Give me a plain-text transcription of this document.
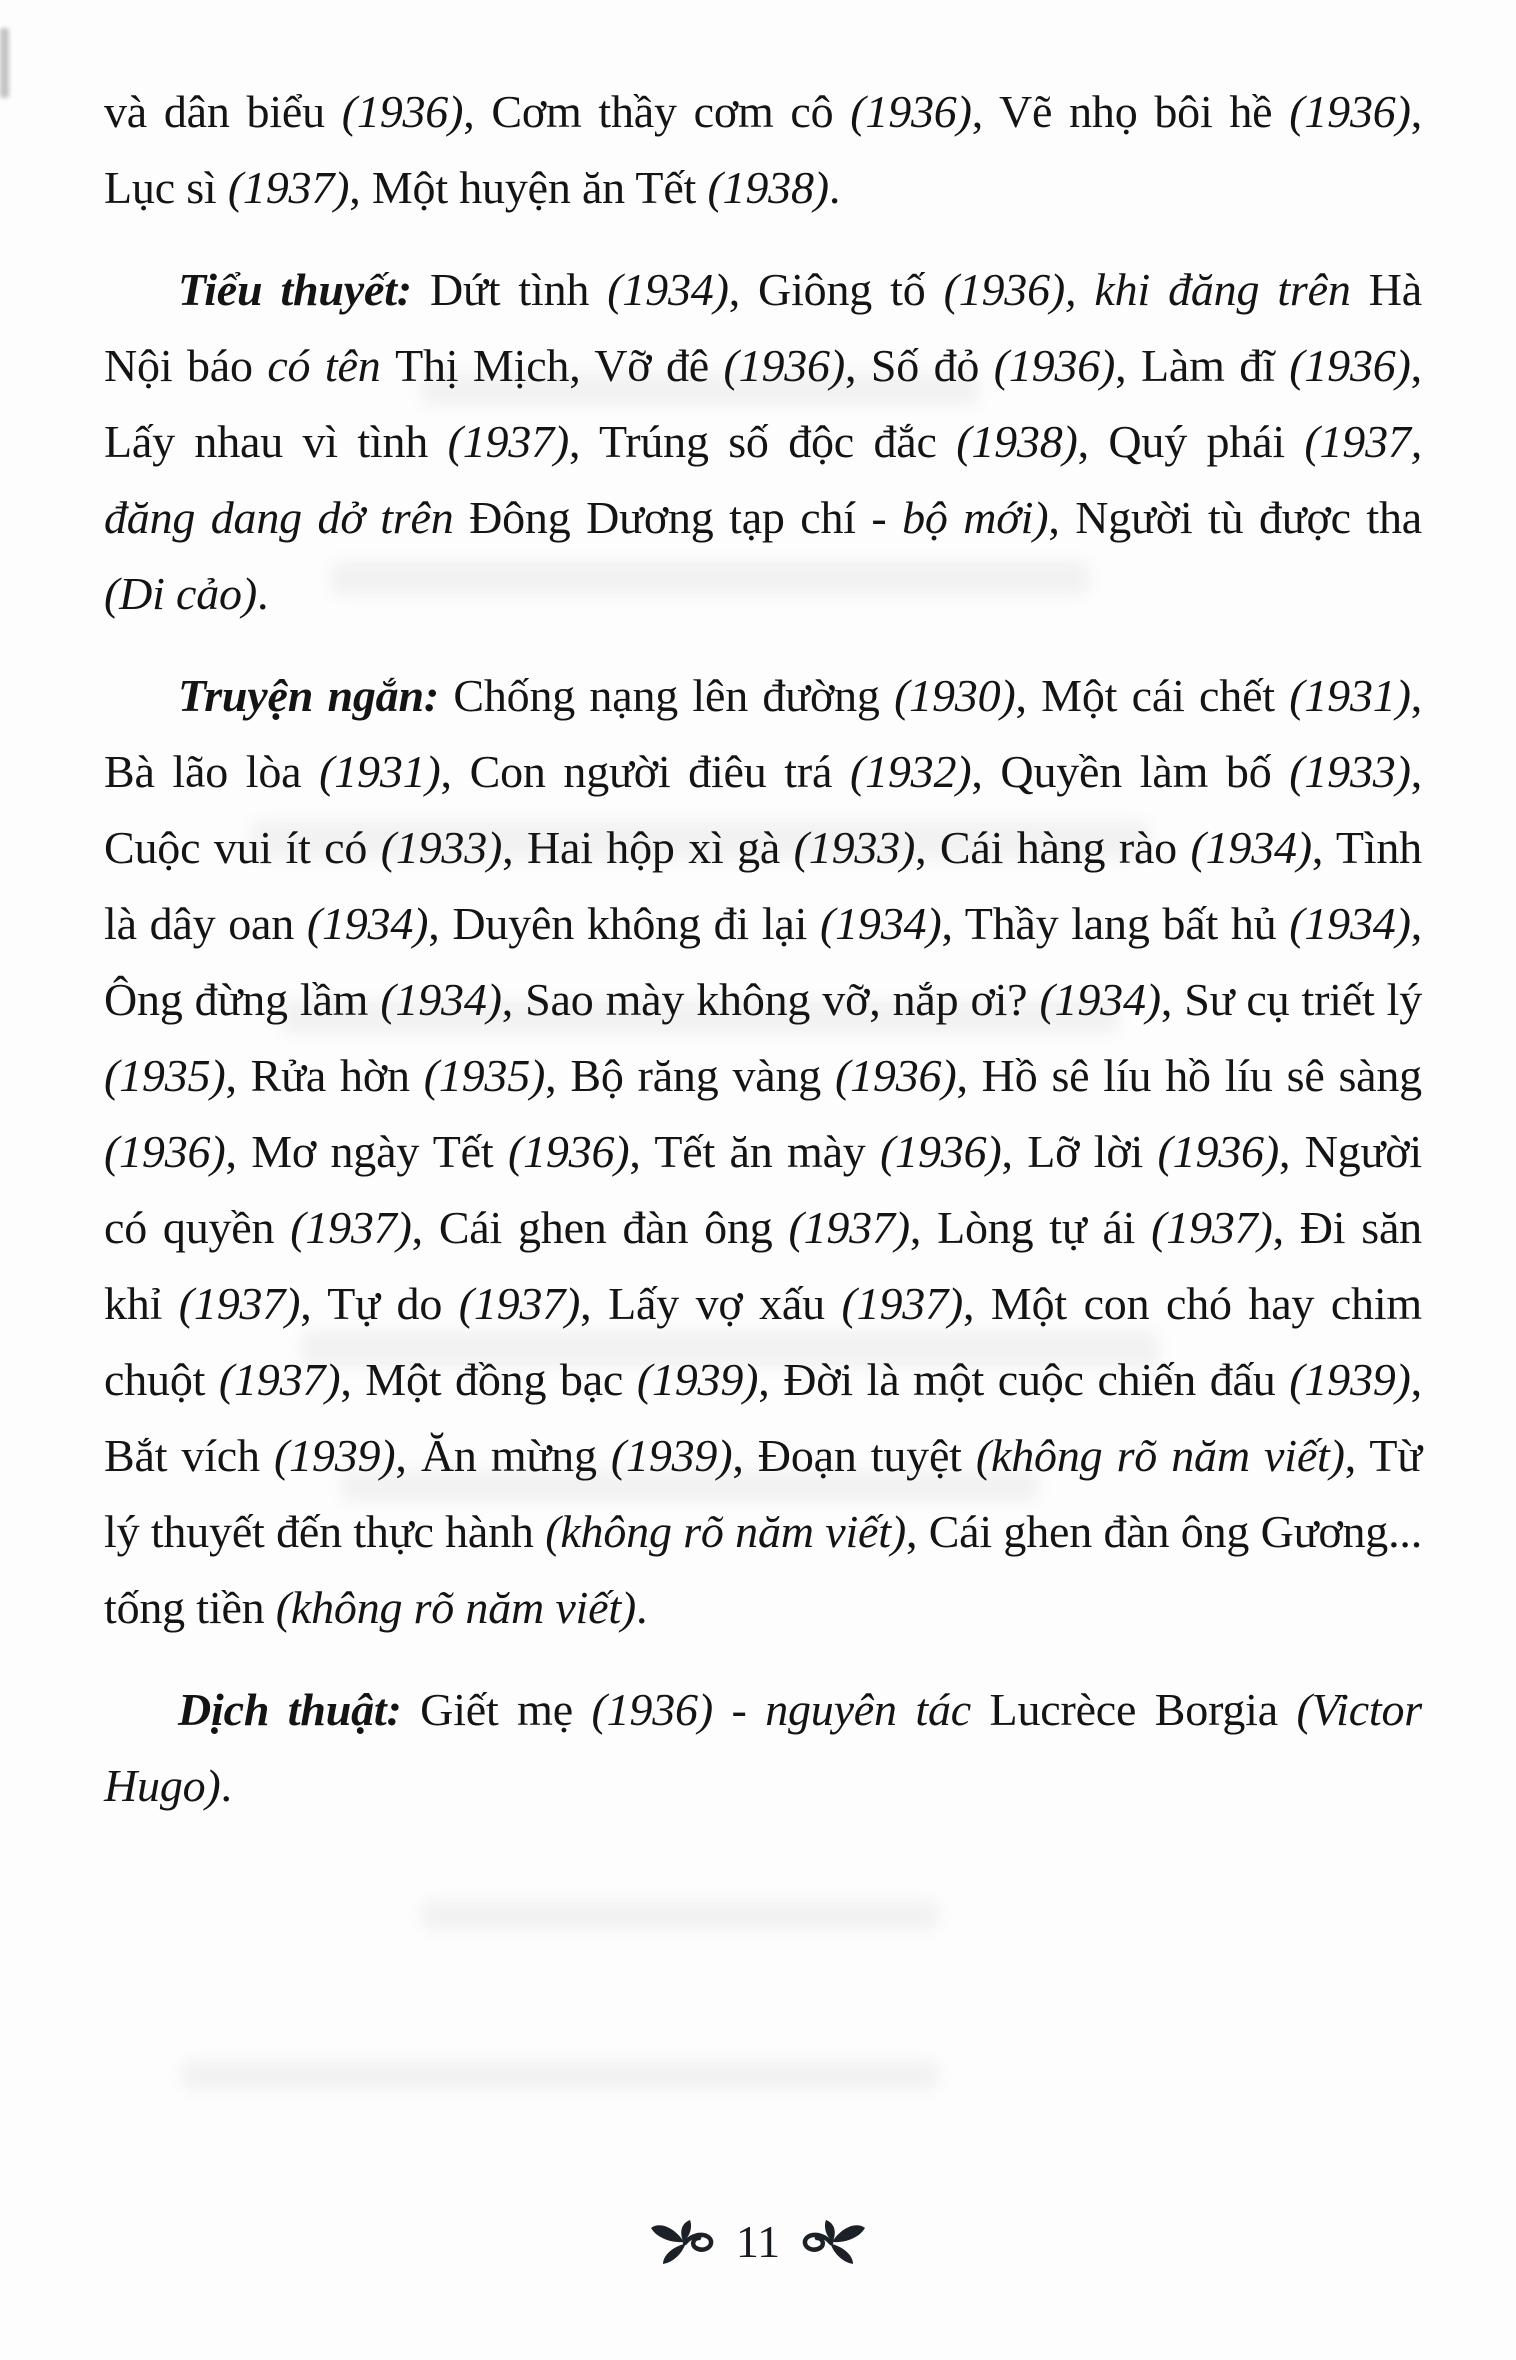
và dân biểu (1936), Cơm thầy cơm cô (1936), Vẽ nhọ bôi hề (1936), Lục sì (1937), Một huyện ăn Tết (1938).

Tiểu thuyết: Dứt tình (1934), Giông tố (1936), khi đăng trên Hà Nội báo có tên Thị Mịch, Vỡ đê (1936), Số đỏ (1936), Làm đĩ (1936), Lấy nhau vì tình (1937), Trúng số độc đắc (1938), Quý phái (1937, đăng dang dở trên Đông Dương tạp chí - bộ mới), Người tù được tha (Di cảo).

Truyện ngắn: Chống nạng lên đường (1930), Một cái chết (1931), Bà lão lòa (1931), Con người điêu trá (1932), Quyền làm bố (1933), Cuộc vui ít có (1933), Hai hộp xì gà (1933), Cái hàng rào (1934), Tình là dây oan (1934), Duyên không đi lại (1934), Thầy lang bất hủ (1934), Ông đừng lầm (1934), Sao mày không vỡ, nắp ơi? (1934), Sư cụ triết lý (1935), Rửa hờn (1935), Bộ răng vàng (1936), Hồ sê líu hồ líu sê sàng (1936), Mơ ngày Tết (1936), Tết ăn mày (1936), Lỡ lời (1936), Người có quyền (1937), Cái ghen đàn ông (1937), Lòng tự ái (1937), Đi săn khỉ (1937), Tự do (1937), Lấy vợ xấu (1937), Một con chó hay chim chuột (1937), Một đồng bạc (1939), Đời là một cuộc chiến đấu (1939), Bắt vích (1939), Ăn mừng (1939), Đoạn tuyệt (không rõ năm viết), Từ lý thuyết đến thực hành (không rõ năm viết), Cái ghen đàn ông Gương... tống tiền (không rõ năm viết).

Dịch thuật: Giết mẹ (1936) - nguyên tác Lucrèce Borgia (Victor Hugo).

11
